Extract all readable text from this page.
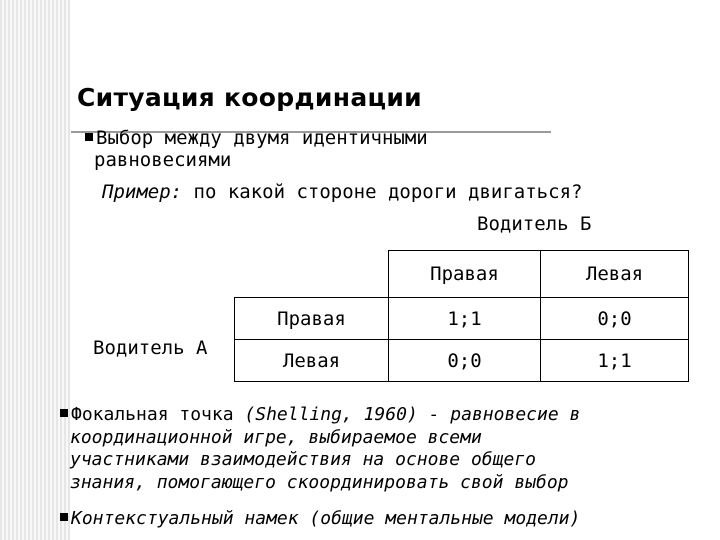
Ситуация координации
Выбор между двумя идентичными
равновесиями
Пример: по какой стороне дороги двигаться?
Водитель Б
Водитель А
	Правая	Левая
Правая	1;1	0;0
Левая	0;0	1;1
Фокальная точка (Shelling, 1960) - равновесие в
координационной игре, выбираемое всеми
участниками взаимодействия на основе общего
знания, помогающего скоординировать свой выбор
Контекстуальный намек (общие ментальные модели)
